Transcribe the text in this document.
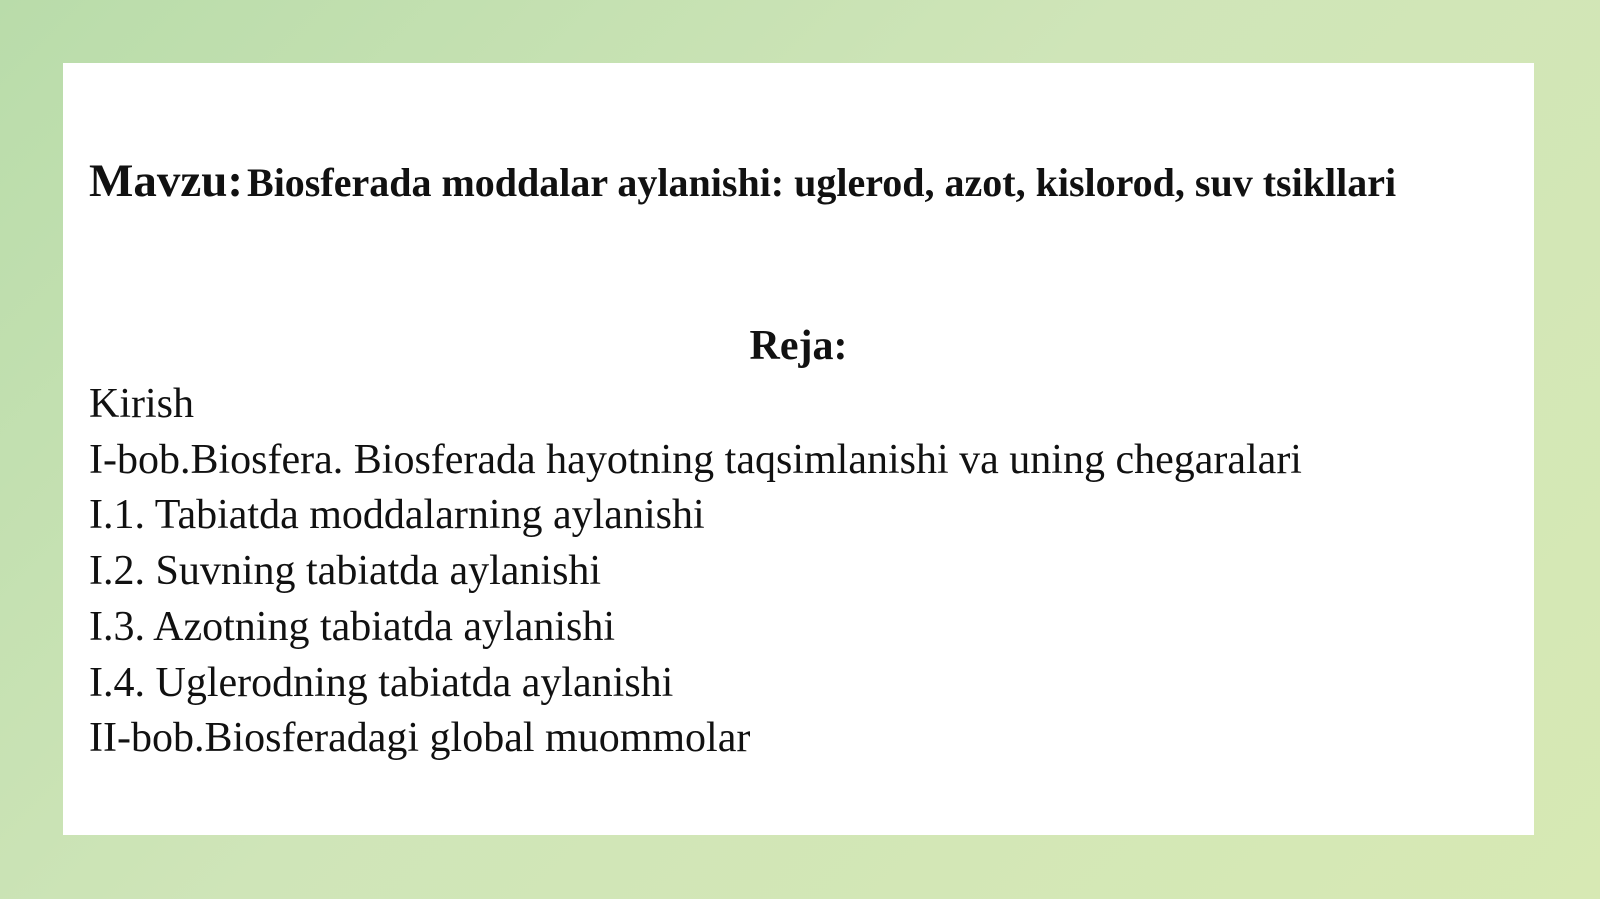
Mavzu: Biosferada moddalar aylanishi: uglerod, azot, kislorod, suv tsikllari
Reja:
Kirish
I-bob.Biosfera. Biosferada hayotning taqsimlanishi va uning chegaralari
I.1. Tabiatda moddalarning aylanishi
I.2. Suvning tabiatda aylanishi
I.3. Azotning tabiatda aylanishi
I.4. Uglerodning tabiatda aylanishi
II-bob.Biosferadagi global muommolar
